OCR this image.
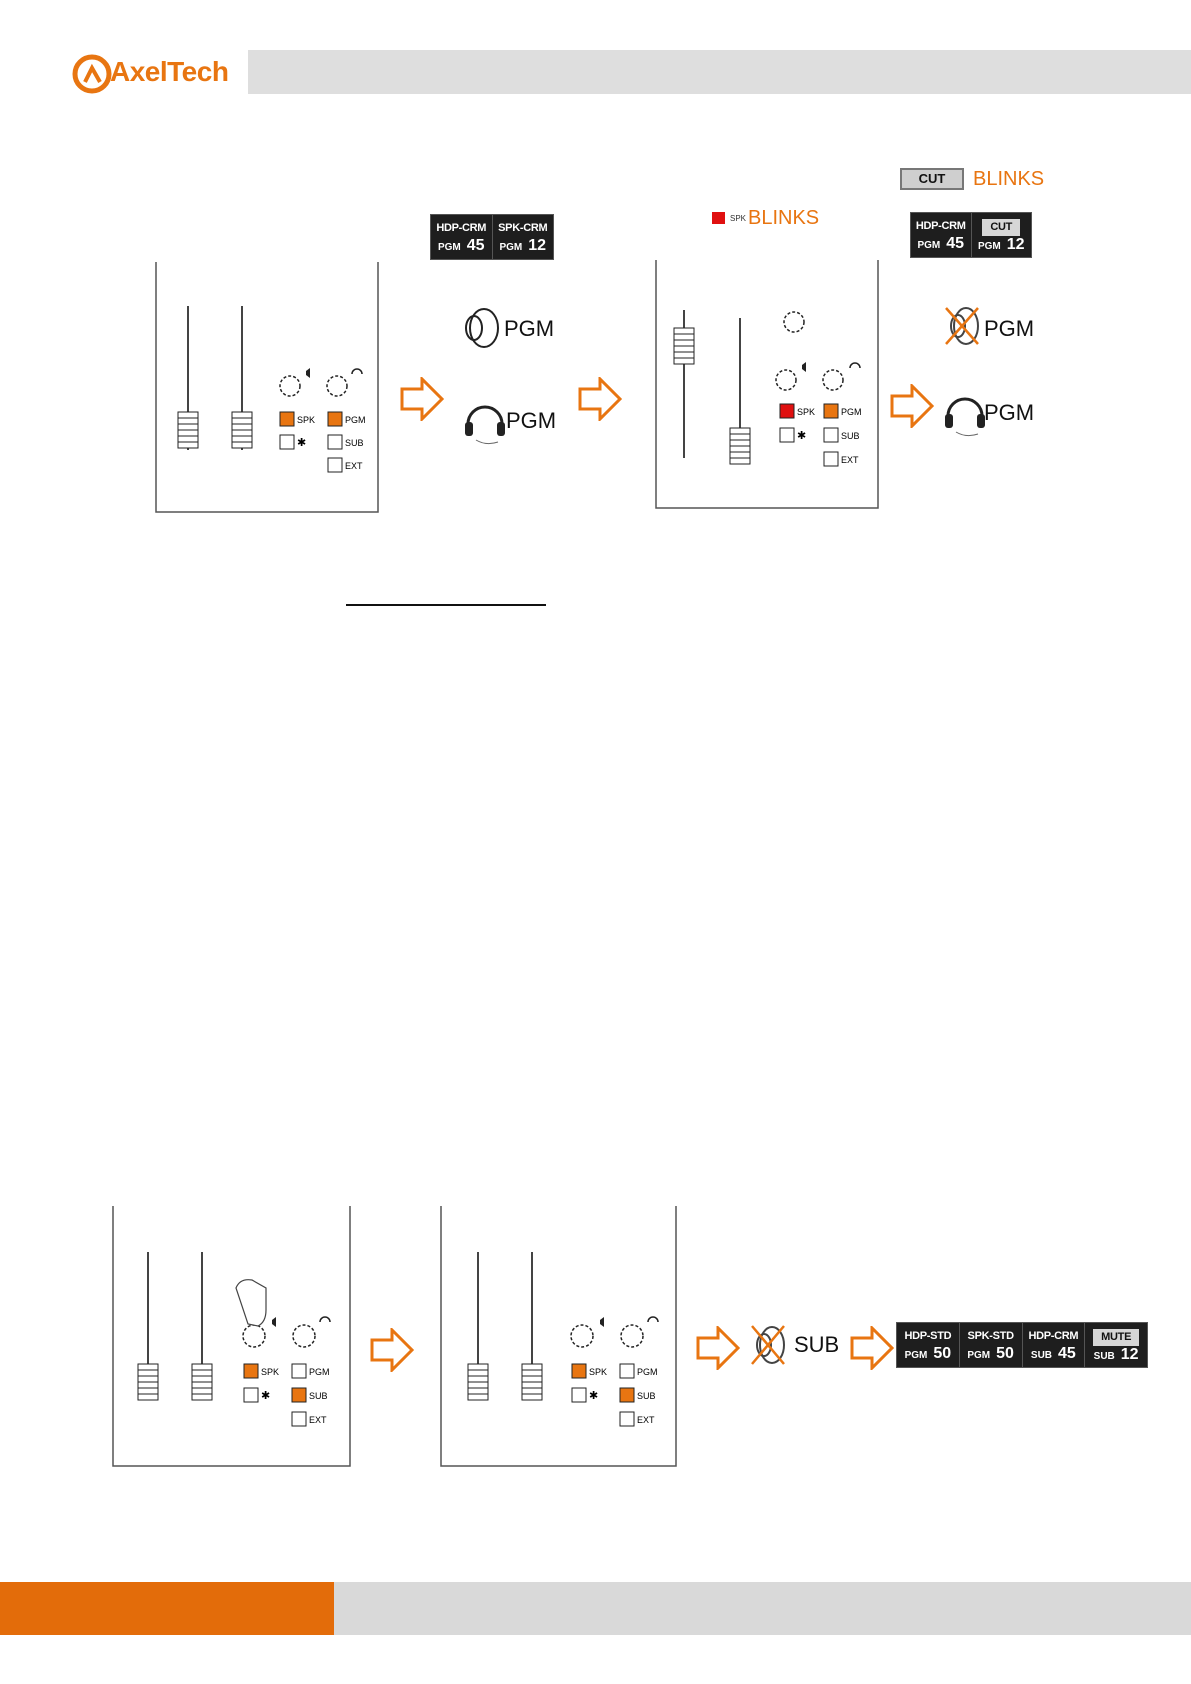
AxelTech
HDP-CRM
PGM 45
SPK-CRM
PGM 12
SPK	PGM
✱	SUB
EXT
PGM
PGM
SPK BLINKS
CUT	BLINKS
HDP-CRM
PGM 45
CUT
PGM 12
SPK	PGM
✱	SUB
EXT
PGM
PGM
SPK	PGM
✱	SUB
EXT
SPK	PGM
✱	SUB
EXT
SUB	HDP-STD
PGM 50
SPK-STD
PGM 50
HDP-CRM
SUB 45
MUTE
SUB 12
